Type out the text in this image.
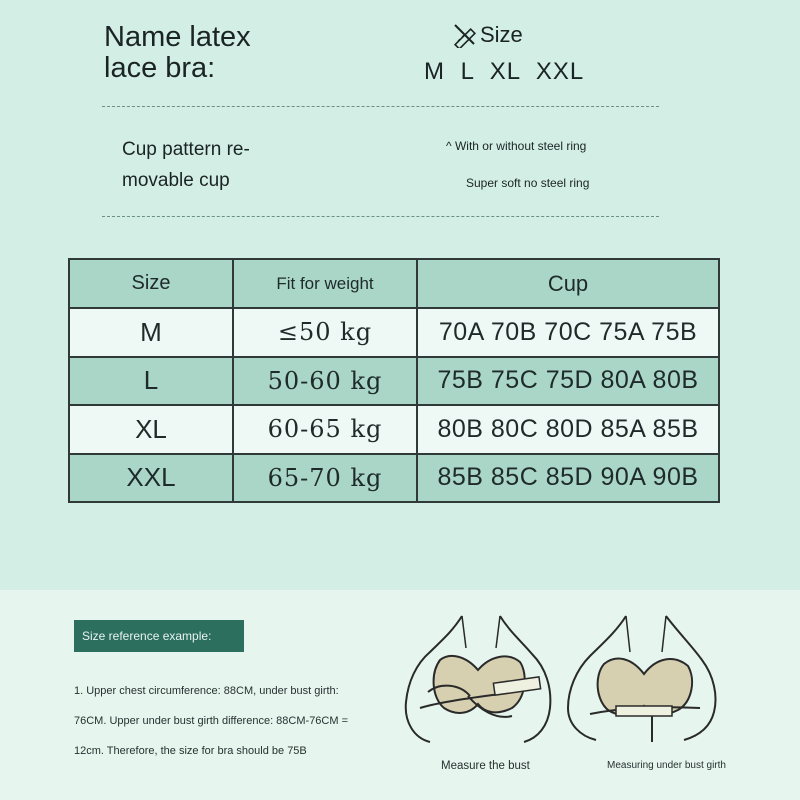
Name latex
lace bra:
Size
M L XL XXL
Cup pattern re-
movable cup
^ With or without steel ring
Super soft no steel ring
Size	Fit for weight	Cup
M	≤50 kg	70A 70B 70C 75A 75B
L	50-60 kg	75B 75C 75D 80A 80B
XL	60-65 kg	80B 80C 80D 85A 85B
XXL	65-70 kg	85B 85C 85D 90A 90B
Size reference example:
1. Upper chest circumference: 88CM, under bust girth:
76CM. Upper under bust girth difference: 88CM-76CM =
12cm. Therefore, the size for bra should be 75B
Measure the bust	Measuring under bust girth
